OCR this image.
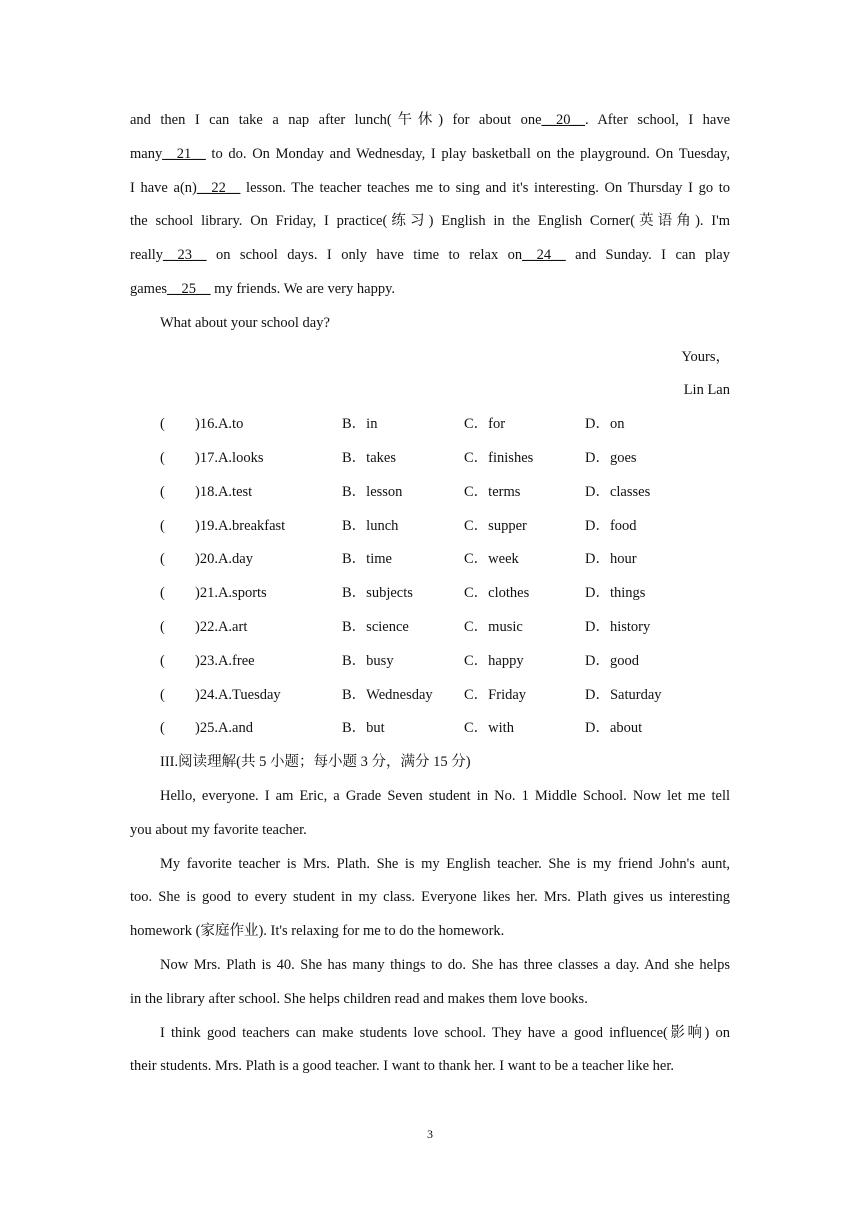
and then I can take a nap after lunch(午休) for about one__20__. After school, I have
many__21__ to do. On Monday and Wednesday, I play basketball on the playground. On Tuesday,
I have a(n)__22__ lesson. The teacher teaches me to sing and it's interesting. On Thursday I go to
the school library. On Friday, I practice(练习) English in the English Corner(英语角). I'm
really__23__ on school days. I only have time to relax on__24__ and Sunday. I can play
games__25__ my friends. We are very happy.
What about your school day?
Yours，
Lin Lan
( )16.A.to	B．in	C．for	D．on
( )17.A.looks	B．takes	C．finishes	D．goes
( )18.A.test	B．lesson	C．terms	D．classes
( )19.A.breakfast	B．lunch	C．supper	D．food
( )20.A.day	B．time	C．week	D．hour
( )21.A.sports	B．subjects	C．clothes	D．things
( )22.A.art	B．science	C．music	D．history
( )23.A.free	B．busy	C．happy	D．good
( )24.A.Tuesday	B．Wednesday C．Friday	D．Saturday
( )25.A.and	B．but	C．with	D．about
III.阅读理解(共 5 小题；每小题 3 分，满分 15 分)
Hello, everyone. I am Eric, a Grade Seven student in No. 1 Middle School. Now let me tell
you about my favorite teacher.
My favorite teacher is Mrs. Plath. She is my English teacher. She is my friend John's aunt,
too. She is good to every student in my class. Everyone likes her. Mrs. Plath gives us interesting
homework (家庭作业). It's relaxing for me to do the homework.
Now Mrs. Plath is 40. She has many things to do. She has three classes a day. And she helps
in the library after school. She helps children read and makes them love books.
I think good teachers can make students love school. They have a good influence(影响) on
their students. Mrs. Plath is a good teacher. I want to thank her. I want to be a teacher like her.
3
